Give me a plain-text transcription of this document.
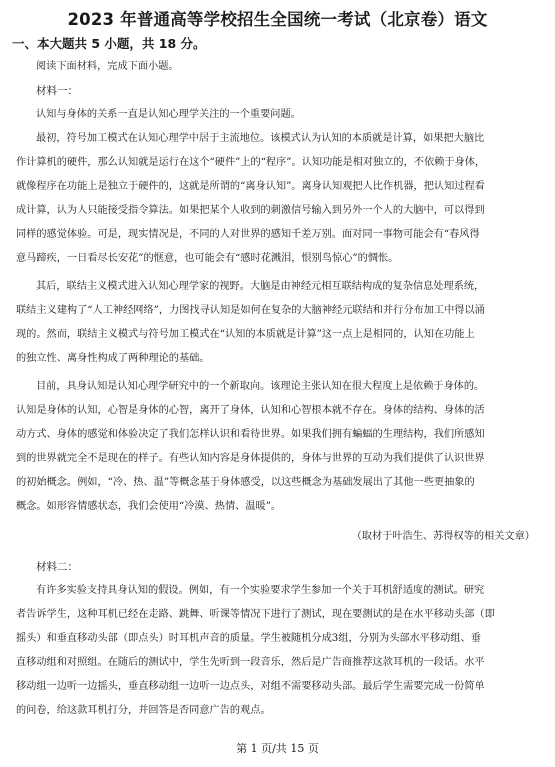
2023 年普通高等学校招生全国统一考试（北京卷）语文
一、本大题共 5 小题，共 18 分。
阅读下面材料，完成下面小题。
材料一：
认知与身体的关系一直是认知心理学关注的一个重要问题。
最初，符号加工模式在认知心理学中居于主流地位。该模式认为认知的本质就是计算，如果把大脑比
作计算机的硬件，那么认知就是运行在这个“硬件”上的“程序”。认知功能是相对独立的，不依赖于身体，
就像程序在功能上是独立于硬件的，这就是所谓的“离身认知”。离身认知观把人比作机器，把认知过程看
成计算，认为人只能接受指令算法。如果把某个人收到的刺激信号输入到另外一个人的大脑中，可以得到
同样的感觉体验。可是，现实情况是，不同的人对世界的感知千差万别。面对同一事物可能会有“春风得
意马蹄疾，一日看尽长安花”的惬意，也可能会有“感时花溅泪，恨别鸟惊心”的惆怅。
其后，联结主义模式进入认知心理学家的视野。大脑是由神经元相互联结构成的复杂信息处理系统，
联结主义建构了“人工神经网络”，力图找寻认知是如何在复杂的大脑神经元联结和并行分布加工中得以涌
现的。然而，联结主义模式与符号加工模式在“认知的本质就是计算”这一点上是相同的，认知在功能上
的独立性、离身性构成了两种理论的基础。
目前，具身认知是认知心理学研究中的一个新取向。该理论主张认知在很大程度上是依赖于身体的。
认知是身体的认知，心智是身体的心智，离开了身体，认知和心智根本就不存在。身体的结构、身体的活
动方式、身体的感觉和体验决定了我们怎样认识和看待世界。如果我们拥有蝙蝠的生理结构，我们所感知
到的世界就完全不是现在的样子。有些认知内容是身体提供的，身体与世界的互动为我们提供了认识世界
的初始概念。例如，“冷、热、温”等概念基于身体感受，以这些概念为基础发展出了其他一些更抽象的
概念。如形容情感状态，我们会使用“冷漠、热情、温暖”。
（取材于叶浩生、苏得权等的相关文章）
材料二：
有许多实验支持具身认知的假设。例如，有一个实验要求学生参加一个关于耳机舒适度的测试。研究
者告诉学生，这种耳机已经在走路、跳舞、听课等情况下进行了测试，现在要测试的是在水平移动头部（即
摇头）和垂直移动头部（即点头）时耳机声音的质量。学生被随机分成3组，分别为头部水平移动组、垂
直移动组和对照组。在随后的测试中，学生先听到一段音乐，然后是广告商推荐这款耳机的一段话。水平
移动组一边听一边摇头，垂直移动组一边听一边点头，对组不需要移动头部。最后学生需要完成一份简单
的问卷，给这款耳机打分，并回答是否同意广告的观点。
第 1 页/共 15 页
